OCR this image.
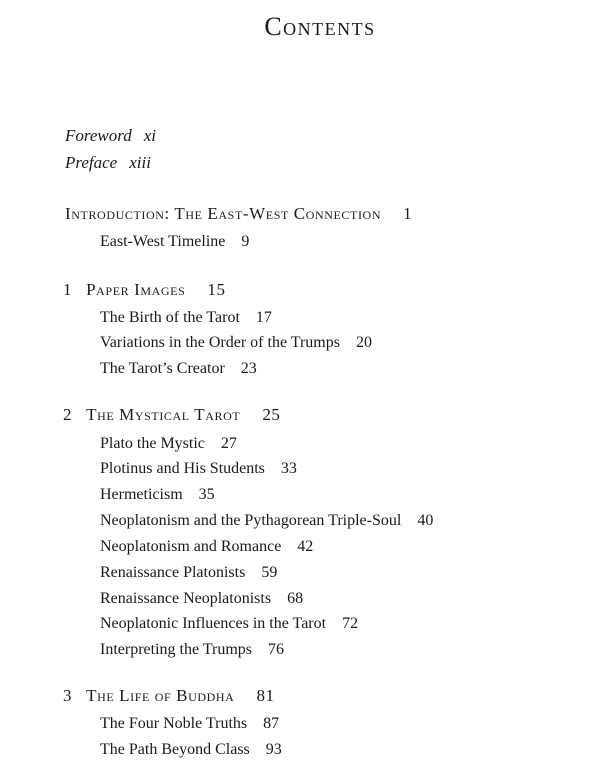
Contents
Foreword xi
Preface xiii
Introduction: The East-West Connection 1
East-West Timeline 9
1 Paper Images 15
The Birth of the Tarot 17
Variations in the Order of the Trumps 20
The Tarot’s Creator 23
2 The Mystical Tarot 25
Plato the Mystic 27
Plotinus and His Students 33
Hermeticism 35
Neoplatonism and the Pythagorean Triple-Soul 40
Neoplatonism and Romance 42
Renaissance Platonists 59
Renaissance Neoplatonists 68
Neoplatonic Influences in the Tarot 72
Interpreting the Trumps 76
3 The Life of Buddha 81
The Four Noble Truths 87
The Path Beyond Class 93
